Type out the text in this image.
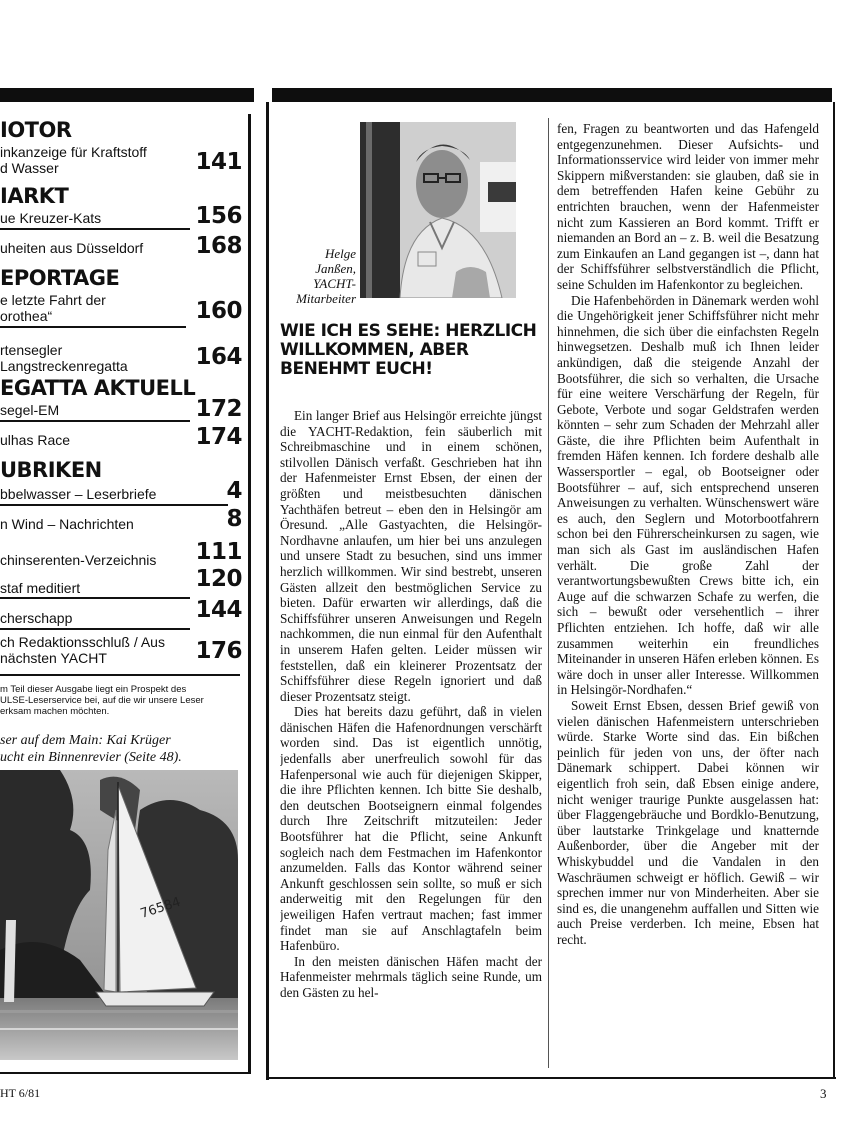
IOTOR
inkanzeige für Kraftstoff
d Wasser	141
IARKT
ue Kreuzer-Kats	156
uheiten aus Düsseldorf 168
EPORTAGE
e letzte Fahrt der
orothea“	160
rtensegler
Langstreckenregatta	164
EGATTA AKTUELL
segel-EM	172
ulhas Race	174
UBRIKEN
bbelwasser – Leserbriefe	4
n Wind – Nachrichten	8
chinserenten-Verzeichnis 111
staf meditiert	120
cherschapp	144
ch Redaktionsschluß / Aus
nächsten YACHT	176
m Teil dieser Ausgabe liegt ein Prospekt des
ULSE-Leserservice bei, auf die wir unsere Leser
erksam machen möchten.
ser auf dem Main: Kai Krüger
ucht ein Binnenrevier (Seite 48).
76584
Helge Janßen, YACHT-Mitarbeiter
WIE ICH ES SEHE: HERZLICH WILLKOMMEN, ABER BENEHMT EUCH!

Ein langer Brief aus Helsingör erreichte jüngst die YACHT-Redaktion, fein säuberlich mit Schreibmaschine und in einem schönen, stilvollen Dänisch verfaßt. Geschrieben hat ihn der Hafenmeister Ernst Ebsen, der einen der größten und meistbesuchten dänischen Yachthäfen betreut – eben den in Helsingör am Öresund. „Alle Gastyachten, die Helsingör-Nordhavne anlaufen, um hier bei uns anzulegen und unsere Stadt zu besuchen, sind uns immer herzlich willkommen. Wir sind bestrebt, unseren Gästen allzeit den bestmöglichen Service zu bieten. Dafür erwarten wir allerdings, daß die Schiffsführer unseren Anweisungen und Regeln nachkommen, die nun einmal für den Aufenthalt in unserem Hafen gelten. Leider müssen wir feststellen, daß ein kleinerer Prozentsatz der Schiffsführer diese Regeln ignoriert und daß dieser Prozentsatz steigt.

Dies hat bereits dazu geführt, daß in vielen dänischen Häfen die Hafenordnungen verschärft worden sind. Das ist eigentlich unnötig, jedenfalls aber unerfreulich sowohl für das Hafenpersonal wie auch für diejenigen Skipper, die ihre Pflichten kennen. Ich bitte Sie deshalb, den deutschen Bootseignern einmal folgendes durch Ihre Zeitschrift mitzuteilen: Jeder Bootsführer hat die Pflicht, seine Ankunft sogleich nach dem Festmachen im Hafenkontor anzumelden. Falls das Kontor während seiner Ankunft geschlossen sein sollte, so muß er sich anderweitig mit den Regelungen für den jeweiligen Hafen vertraut machen; fast immer findet man sie auf Anschlagtafeln beim Hafenbüro.

In den meisten dänischen Häfen macht der Hafenmeister mehrmals täglich seine Runde, um den Gästen zu hel-

fen, Fragen zu beantworten und das Hafengeld entgegenzunehmen. Dieser Aufsichts- und Informationsservice wird leider von immer mehr Skippern mißverstanden: sie glauben, daß sie in dem betreffenden Hafen keine Gebühr zu entrichten brauchen, wenn der Hafenmeister nicht zum Kassieren an Bord kommt. Trifft er niemanden an Bord an – z. B. weil die Besatzung zum Einkaufen an Land gegangen ist –, dann hat der Schiffsführer selbstverständlich die Pflicht, seine Schulden im Hafenkontor zu begleichen.

Die Hafenbehörden in Dänemark werden wohl die Ungehörigkeit jener Schiffsführer nicht mehr hinnehmen, die sich über die einfachsten Regeln hinwegsetzen. Deshalb muß ich Ihnen leider ankündigen, daß die steigende Anzahl der Bootsführer, die sich so verhalten, die Ursache für eine weitere Verschärfung der Regeln, für Gebote, Verbote und sogar Geldstrafen werden könnten – sehr zum Schaden der Mehrzahl aller Gäste, die ihre Pflichten beim Aufenthalt in fremden Häfen kennen. Ich fordere deshalb alle Wassersportler – egal, ob Bootseigner oder Bootsführer – auf, sich entsprechend unseren Anweisungen zu verhalten. Wünschenswert wäre es auch, den Seglern und Motorbootfahrern schon bei den Führerscheinkursen zu sagen, wie man sich als Gast im ausländischen Hafen verhält. Die große Zahl der verantwortungsbewußten Crews bitte ich, ein Auge auf die schwarzen Schafe zu werfen, die sich – bewußt oder versehentlich – ihrer Pflichten entziehen. Ich hoffe, daß wir alle zusammen weiterhin ein freundliches Miteinander in unseren Häfen erleben können. Es wäre doch in unser aller Interesse. Willkommen in Helsingör-Nordhafen.“

Soweit Ernst Ebsen, dessen Brief gewiß von vielen dänischen Hafenmeistern unterschrieben würde. Starke Worte sind das. Ein bißchen peinlich für jeden von uns, der öfter nach Dänemark schippert. Dabei können wir eigentlich froh sein, daß Ebsen einige andere, nicht weniger traurige Punkte ausgelassen hat: über Flaggengebräuche und Bordklo-Benutzung, über lautstarke Trinkgelage und knatternde Außenborder, über die Angeber mit der Whiskybuddel und die Vandalen in den Waschräumen schweigt er höflich. Gewiß – wir sprechen immer nur von Minderheiten. Aber sie sind es, die unangenehm auffallen und Sitten wie auch Preise verderben. Ich meine, Ebsen hat recht.

HT 6/81	3
